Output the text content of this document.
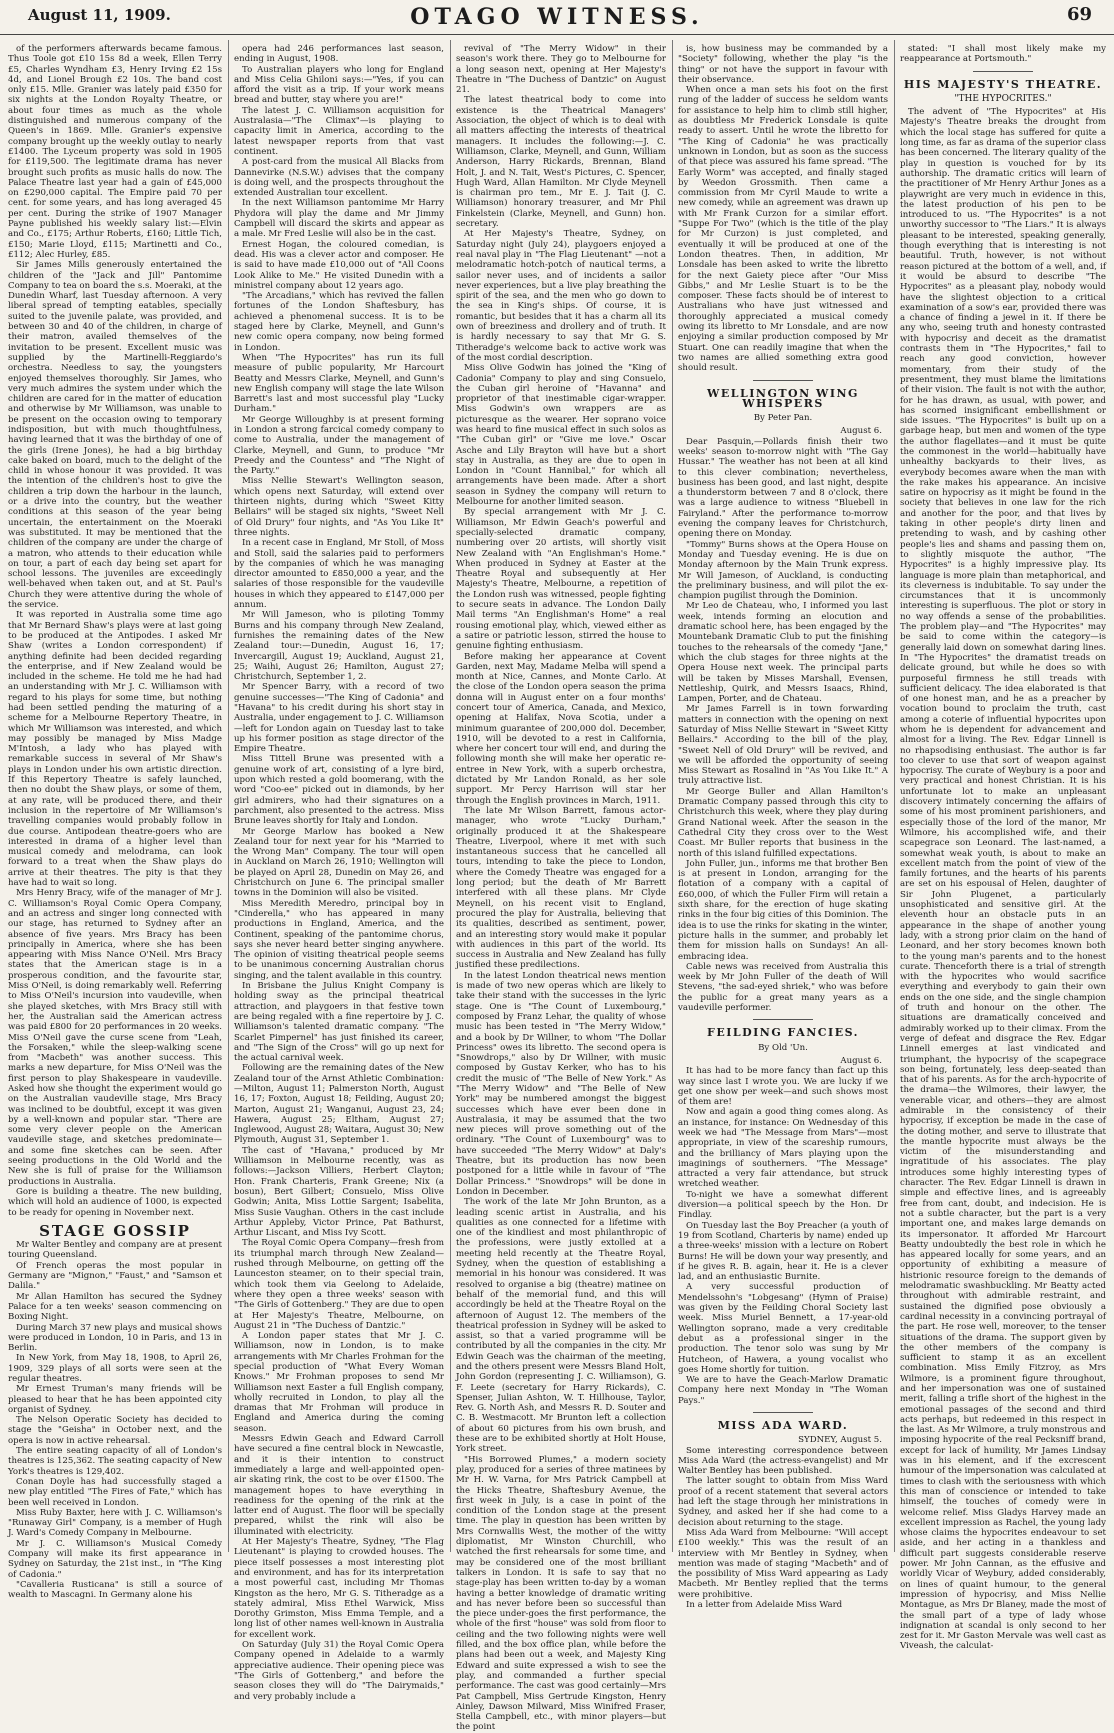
August 11, 1909.	OTAGO WITNESS.	69

of the performers afterwards became famous. Thus Toole got £10 15s 8d a week, Ellen Terry £5, Charles Wyndham £3, Henry Irving £2 15s 4d, and Lionel Brough £2 10s. The band cost only £15. Mlle. Granier was lately paid £350 for six nights at the London Royalty Theatre, or about four times as much as the whole distinguished and numerous company of the Queen's in 1869. Mlle. Granier's expensive company brought up the weekly outlay to nearly £1400. The Lyceum property was sold in 1905 for £119,500. The legitimate drama has never brought such profits as music halls do now. The Palace Theatre last year had a gain of £45,000 on £290,000 capital. The Empire paid 70 per cent. for some years, and has long averaged 45 per cent. During the strike of 1907 Manager Payne published his weekly salary list:—Elvin and Co., £175; Arthur Roberts, £160; Little Tich, £150; Marie Lloyd, £115; Martinetti and Co., £112; Alec Hurley, £85.

Sir James Mills generously entertained the children of the "Jack and Jill" Pantomime Company to tea on board the s.s. Moeraki, at the Dunedin Wharf, last Tuesday afternoon. A very liberal spread of tempting eatables, specially suited to the juvenile palate, was provided, and between 30 and 40 of the children, in charge of their matron, availed themselves of the invitation to be present. Excellent music was supplied by the Martinelli-Reggiardo's orchestra. Needless to say, the youngsters enjoyed themselves thoroughly. Sir James, who very much admires the system under which the children are cared for in the matter of education and otherwise by Mr Williamson, was unable to be present on the occasion owing to temporary indisposition, but with much thoughtfulness, having learned that it was the birthday of one of the girls (Irene Jones), he had a big birthday cake baked on board, much to the delight of the child in whose honour it was provided. It was the intention of the children's host to give the children a trip down the harbour in the launch, or a drive into the country, but the weather conditions at this season of the year being uncertain, the entertainment on the Moeraki was substituted. It may be mentioned that the children of the company are under the charge of a matron, who attends to their education while on tour, a part of each day being set apart for school lessons. The juveniles are exceedingly well-behaved when taken out, and at St. Paul's Church they were attentive during the whole of the service.

It was reported in Australia some time ago that Mr Bernard Shaw's plays were at last going to be produced at the Antipodes. I asked Mr Shaw (writes a London correspondent) if anything definite had been decided regarding the enterprise, and if New Zealand would be included in the scheme. He told me he had had an understanding with Mr J. C. Williamson with regard to his plays for some time, but nothing had been settled pending the maturing of a scheme for a Melbourne Repertory Theatre, in which Mr Williamson was interested, and which may possibly be managed by Miss Madge M'Intosh, a lady who has played with remarkable success in several of Mr Shaw's plays in London under his own artistic direction. If this Repertory Theatre is safely launched, then no doubt the Shaw plays, or some of them, at any rate, will be produced there, and their inclusion in the repertoire of Mr Williamson's travelling companies would probably follow in due course. Antipodean theatre-goers who are interested in drama of a higher level than musical comedy and melodrama, can look forward to a treat when the Shaw plays do arrive at their theatres. The pity is that they have had to wait so long.

Mrs Henry Bracy, wife of the manager of Mr J. C. Williamson's Royal Comic Opera Company, and an actress and singer long connected with our stage, has returned to Sydney after an absence of five years. Mrs Bracy has been principally in America, where she has been appearing with Miss Nance O'Neil. Mrs Bracy states that the American stage is in a prosperous condition, and the favourite star, Miss O'Neil, is doing remarkably well. Referring to Miss O'Neil's incursion into vaudeville, when she played sketches, with Mrs Bracy still with her, the Australian said the American actress was paid £800 for 20 performances in 20 weeks. Miss O'Neil gave the curse scene from "Leah, the Forsaken," while the sleep-walking scene from "Macbeth" was another success. This marks a new departure, for Miss O'Neil was the first person to play Shakespeare in vaudeville. Asked how she thought the experiment would go on the Australian vaudeville stage, Mrs Bracy was inclined to be doubtful, except it was given by a well-known and popular star. "There are some very clever people on the American vaudeville stage, and sketches predominate—and some fine sketches can be seen. After seeing productions in the Old World and the New she is full of praise for the Williamson productions in Australia.

Gore is building a theatre. The new building, which will hold an audience of 1000, is expected to be ready for opening in November next.

STAGE GOSSIP

Mr Walter Bentley and company are at present touring Queensland.

Of French operas the most popular in Germany are "Mignon," "Faust," and "Samson et Dalila."

Mr Allan Hamilton has secured the Sydney Palace for a ten weeks' season commencing on Boxing Night.

During March 37 new plays and musical shows were produced in London, 10 in Paris, and 13 in Berlin.

In New York, from May 18, 1908, to April 26, 1909, 329 plays of all sorts were seen at the regular theatres.

Mr Ernest Truman's many friends will be pleased to hear that he has been appointed city organist of Sydney.

The Nelson Operatic Society has decided to stage the "Geisha" in October next, and the opera is now in active rehearsal.

The entire seating capacity of all of London's theatres is 125,362. The seating capacity of New York's theatres is 129,402.

Conan Doyle has had successfully staged a new play entitled "The Fires of Fate," which has been well received in London.

Miss Ruby Baxter, here with J. C. Williamson's "Runaway Girl" Company, is a member of Hugh J. Ward's Comedy Company in Melbourne.

Mr J. C. Williamson's Musical Comedy Company will make its first appearance in Sydney on Saturday, the 21st inst., in "The King of Cadonia."

"Cavalleria Rusticana" is still a source of wealth to Mascagni. In Germany alone his

opera had 246 performances last season, ending in August, 1908.

To Australian players who long for England and Miss Celia Ghiloni says:—"Yes, if you can afford the visit as a trip. If your work means bread and butter, stay where you are!"

The latest J. C. Williamson acquisition for Australasia—"The Climax"—is playing to capacity limit in America, according to the latest newspaper reports from that vast continent.

A post-card from the musical All Blacks from Dannevirke (N.S.W.) advises that the company is doing well, and the prospects throughout the extended Australian tour excellent.

In the next Williamson pantomime Mr Harry Phydora will play the dame and Mr Jimmy Campbell will discard the skirts and appear as a male. Mr Fred Leslie will also be in the cast.

Ernest Hogan, the coloured comedian, is dead. His was a clever actor and composer. He is said to have made £10,000 out of "All Coons Look Alike to Me." He visited Dunedin with a ministrel company about 12 years ago.

"The Arcadians," which has revived the fallen fortunes of the London Shaftesbury, has achieved a phenomenal success. It is to be staged here by Clarke, Meynell, and Gunn's new comic opera company, now being formed in London.

When "The Hypocrites" has run its full measure of public popularity, Mr Harcourt Beatty and Messrs Clarke, Meynell, and Gunn's new English company will stage the late Wilson Barrett's last and most successful play "Lucky Durham."

Mr George Willoughby is at present forming in London a strong farcical comedy company to come to Australia, under the management of Clarke, Meynell, and Gunn, to produce "Mr Preedy and the Countess" and "The Night of the Party."

Miss Nellie Stewart's Wellington season, which opens next Saturday, will extend over thirteen nights, during which "Sweet Kitty Bellairs" will be staged six nights, "Sweet Nell of Old Drury" four nights, and "As You Like It" three nights.

In a recent case in England, Mr Stoll, of Moss and Stoll, said the salaries paid to performers by the companies of which he was managing director amounted to £850,000 a year, and the salaries of those responsible for the vaudeville houses in which they appeared to £147,000 per annum.

Mr Will Jameson, who is piloting Tommy Burns and his company through New Zealand, furnishes the remaining dates of the New Zealand tour:—Dunedin, August 16, 17; Invercargill, August 19; Auckland, August 21, 25; Waihi, August 26; Hamilton, August 27; Christchurch, September 1, 2.

Mr Spencer Barry, with a record of two genuine successes—"The King of Cadonia" and "Havana" to his credit during his short stay in Australia, under engagement to J. C. Williamson—left for London again on Tuesday last to take up his former position as stage director of the Empire Theatre.

Miss Tittell Brune was presented with a genuine work of art, consisting of a lyre bird, upon which rested a gold boomerang, with the word "Coo-ee" picked out in diamonds, by her girl admirers, who had their signatures on a parchment, also presented to the actress. Miss Brune leaves shortly for Italy and London.

Mr George Marlow has booked a New Zealand tour for next year for his "Married to the Wrong Man" Company. The tour will open in Auckland on March 26, 1910; Wellington will be played on April 28, Dunedin on May 26, and Christchurch on June 6. The principal smaller towns in the Dominion will also be visited.

Miss Meredith Meredro, principal boy in "Cinderella," who has appeared in many productions in England, America, and the Continent, speaking of the pantomime chorus, says she never heard better singing anywhere. The opinion of visiting theatrical people seems to be unanimous concerning Australian chorus singing, and the talent available in this country.

In Brisbane the Julius Knight Company is holding sway as the principal theatrical attraction, and playgoers in that festive town are being regaled with a fine repertoire by J. C. Williamson's talented dramatic company. "The Scarlet Pimpernel" has just finished its career, and "The Sign of the Cross" will go up next for the actual carnival week.

Following are the remaining dates of the New Zealand tour of the Arnst Athletic Combination:—Milton, August 11; Palmerston North, August 16, 17; Foxton, August 18; Feilding, August 20; Marton, August 21; Wanganui, August 23, 24; Hawera, August 25; Eltham, August 27; Inglewood, August 28; Waitara, August 30; New Plymouth, August 31, September 1.

The cast of "Havana," produced by Mr Williamson in Melbourne recently, was as follows:—Jackson Villiers, Herbert Clayton; Hon. Frank Charteris, Frank Greene; Nix (a bosun), Bert Gilbert; Consuelo, Miss Olive Godwin; Anita, Miss Lottie Sargent; Isabelita, Miss Susie Vaughan. Others in the cast include Arthur Appleby, Victor Prince, Pat Bathurst, Arthur Liscant, and Miss Ivy Scott.

The Royal Comic Opera Company—fresh from its triumphal march through New Zealand—rushed through Melbourne, on getting off the Launceston steamer, on to their special train, which took them via Geelong to Adelaide, where they open a three weeks' season with "The Girls of Gottenberg." They are due to open at Her Majesty's Theatre, Melbourne, on August 21 in "The Duchess of Dantzic."

A London paper states that Mr J. C. Williamson, now in London, is to make arrangements with Mr Charles Frohman for the special production of "What Every Woman Knows." Mr Frohman proposes to send Mr Williamson next Easter a full English company, wholly recruited in London, to play all the dramas that Mr Frohman will produce in England and America during the coming season.

Messrs Edwin Geach and Edward Carroll have secured a fine central block in Newcastle, and it is their intention to construct immediately a large and well-appointed open-air skating rink, the cost to be over £1500. The management hopes to have everything in readiness for the opening of the rink at the latter end of August. The floor will be specially prepared, whilst the rink will also be illuminated with electricity.

At Her Majesty's Theatre, Sydney, "The Flag Lieutenant" is playing to crowded houses. The piece itself possesses a most interesting plot and environment, and has for its interpretation a most powerful cast, including Mr Thomas Kingston as the hero, Mr G. S. Titheradge as a stately admiral, Miss Ethel Warwick, Miss Dorothy Grimston, Miss Emma Temple, and a long list of other names well-known in Australia for excellent work.

On Saturday (July 31) the Royal Comic Opera Company opened in Adelaide to a warmly appreciative audience. Their opening piece was "The Girls of Gottenberg," and before the season closes they will do "The Dairymaids," and very probably include a

revival of "The Merry Widow" in their season's work there. They go to Melbourne for a long season next, opening at Her Majesty's Theatre in "The Duchess of Dantzic" on August 21.

The latest theatrical body to come into existence is the Theatrical Managers' Association, the object of which is to deal with all matters affecting the interests of theatrical managers. It includes the following:—J. C. Williamson, Clarke, Meynell, and Gunn, William Anderson, Harry Rickards, Brennan, Bland Holt, J. and N. Tait, West's Pictures, C. Spencer, Hugh Ward, Allan Hamilton. Mr Clyde Meynell is chairman pro tem., Mr E. J. Tait (J. C. Williamson) honorary treasurer, and Mr Phil Finkelstein (Clarke, Meynell, and Gunn) hon. secretary.

At Her Majesty's Theatre, Sydney, on Saturday night (July 24), playgoers enjoyed a real naval play in "The Flag Lieutenant" —not a melodramatic hotch-potch of nautical terms, a sailor never uses, and of incidents a sailor never experiences, but a live play breathing the spirit of the sea, and the men who go down to the sea in King's ships. Of course, it is romantic, but besides that it has a charm all its own of breeziness and drollery and of truth. It is hardly necessary to say that Mr G. S. Titheradge's welcome back to active work was of the most cordial description.

Miss Olive Godwin has joined the "King of Cadonia" Company to play and sing Consuelo, the Cuban girl heroine of "Havanna" and proprietor of that inestimable cigar-wrapper. Miss Godwin's own wrappers are as picturesque as the wearer. Her soprano voice was heard to fine musical effect in such solos as "The Cuban girl" or "Give me love." Oscar Asche and Lily Brayton will have but a short stay in Australia, as they are due to open in London in "Count Hannibal," for which all arrangements have been made. After a short season in Sydney the company will return to Melbourne for another limited season.

By special arrangement with Mr J. C. Williamson, Mr Edwin Geach's powerful and specially-selected dramatic company, numbering over 20 artists, will shortly visit New Zealand with "An Englishman's Home." When produced in Sydney at Easter at the Theatre Royal and subsequently at Her Majesty's Theatre, Melbourne, a repetition of the London rush was witnessed, people fighting to secure seats in advance. The London Daily Mail terms "An Englishman's Home" a real rousing emotional play, which, viewed either as a satire or patriotic lesson, stirred the house to genuine fighting enthusiasm.

Before making her appearance at Covent Garden, next May, Madame Melba will spend a month at Nice, Cannes, and Monte Carlo. At the close of the London opera season the prima donna will in August enter on a four months' concert tour of America, Canada, and Mexico, opening at Halifax, Nova Scotia, under a minimum guarantee of 200,000 dol. December, 1910, will be devoted to a rest in California, where her concert tour will end, and during the following month she will make her operatic re-entree in New York, with a superb orchestra, dictated by Mr Landon Ronald, as her sole support. Mr Percy Harrison will star her through the English provinces in March, 1911.

The late Mr Wilson Barrett, famous actor-manager, who wrote "Lucky Durham," originally produced it at the Shakespeare Theatre, Liverpool, where it met with such instantaneous success that he cancelled all tours, intending to take the piece to London, where the Comedy Theatre was engaged for a long period; but the death of Mr Barrett interfered with all these plans. Mr Clyde Meynell, on his recent visit to England, procured the play for Australia, believing that its qualities, described as sentiment, power, and an interesting story would make it popular with audiences in this part of the world. Its success in Australia and New Zealand has fully justified these predilections.

In the latest London theatrical news mention is made of two new operas which are likely to take their stand with the successes in the lyric stage. One is "The Count of Luxembourg," composed by Franz Lehar, the quality of whose music has been tested in "The Merry Widow," and a book by Dr Willner, to whom "The Dollar Princess" owes its libretto. The second opera is "Snowdrops," also by Dr Willner, with music composed by Gustav Kerker, who has to his credit the music of "The Belle of New York." As "The Merry Widow" and "The Belle of New York" may be numbered amongst the biggest successes which have ever been done in Australasia, it may be assumed that the two new pieces will prove something out of the ordinary. "The Count of Luxembourg" was to have succeeded "The Merry Widow" at Daly's Theatre, but its production has now been postponed for a little while in favour of "The Dollar Princess." "Snowdrops" will be done in London in December.

The work of the late Mr John Brunton, as a leading scenic artist in Australia, and his qualities as one connected for a lifetime with one of the kindliest and most philanthropic of the professions, were justly extolled at a meeting held recently at the Theatre Royal, Sydney, when the question of establishing a memorial in his honour was considered. It was resolved to organise a big (theatre) matinee on behalf of the memorial fund, and this will accordingly be held at the Theatre Royal on the afternoon of August 12. The members of the theatrical profession in Sydney will be asked to assist, so that a varied programme will be contributed by all the companies in the city. Mr Edwin Geach was the chairman of the meeting, and the others present were Messrs Bland Holt, John Gordon (representing J. C. Williamson), G. F. Leete (secretary for Harry Rickards), C. Spenser, Julian Ashton, W. T. Hillhouse, Taylor, Rev. G. North Ash, and Messrs R. D. Souter and C. B. Westmacott. Mr Brunton left a collection of about 60 pictures from his own brush, and these are to be exhibited shortly at Holt House, York street.

"His Borrowed Plumes," a modern society play, produced for a series of three matinees by Mr H. W. Varna, for Mrs Patrick Campbell at the Hicks Theatre, Shaftesbury Avenue, the first week in July, is a case in point of the condition of the London stage at the present time. The play in question has been written by Mrs Cornwallis West, the mother of the witty diplomatist, Mr Winston Churchill, who watched the first rehearsals for some time, and may be considered one of the most brilliant talkers in London. It is safe to say that no stage-play has been written to-day by a woman having a better knowledge of dramatic writing and has never before been so successful than the piece under-goes the first performance, the whole of the first "house" was sold from floor to ceiling and the two following nights were well filled, and the box office plan, while before the plans had been out a week, and Majesty King Edward and suite expressed a wish to see the play, and commanded a further special performance. The cast was good certainly—Mrs Pat Campbell, Miss Gertrude Kingston, Henry Ainley, Dawson Milward, Miss Winifred Fraser, Stella Campbell, etc., with minor players—but the point

is, how business may be commanded by a "Society" following, whether the play "is the thing" or not have the support in favour with their observance.

When once a man sets his foot on the first rung of the ladder of success he seldom wants for assistance to help him to climb still higher, as doubtless Mr Frederick Lonsdale is quite ready to assert. Until he wrote the libretto for "The King of Cadonia" he was practically unknown in London, but as soon as the success of that piece was assured his fame spread. "The Early Worm" was accepted, and finally staged by Weedon Grossmith. Then came a commission from Mr Cyril Maude to write a new comedy, while an agreement was drawn up with Mr Frank Curzon for a similar effort. "Suppe For Two" (which is the title of the play for Mr Curzon) is just completed, and eventually it will be produced at one of the London theatres. Then, in addition, Mr Lonsdale has been asked to write the libretto for the next Gaiety piece after "Our Miss Gibbs," and Mr Leslie Stuart is to be the composer. These facts should be of interest to Australians who have just witnessed and thoroughly appreciated a musical comedy owing its libretto to Mr Lonsdale, and are now enjoying a similar production composed by Mr Stuart. One can readily imagine that when the two names are allied something extra good should result.

WELLINGTON WING WHISPERS
By Peter Pan.
August 6.

Dear Pasquin,—Pollards finish their two weeks' season to-morrow night with "The Gay Hussar." The weather has not been at all kind to this clever combination; nevertheless, business has been good, and last night, despite a thunderstorm between 7 and 8 o'clock, there was a large audience to witness "Bluebell in Fairyland." After the performance to-morrow evening the company leaves for Christchurch, opening there on Monday.

"Tommy" Burns shows at the Opera House on Monday and Tuesday evening. He is due on Monday afternoon by the Main Trunk express. Mr Will Jameson, of Auckland, is conducting the preliminary business, and will pilot the ex-champion pugilist through the Dominion.

Mr Leo de Chateau, who, I informed you last week, intends forming an elocution and dramatic school here, has been engaged by the Mountebank Dramatic Club to put the finishing touches to the rehearsals of the comedy "Jane," which the club stages for three nights at the Opera House next week. The principal parts will be taken by Misses Marshall, Evensen, Nettleship, Quirk, and Messrs Isaacs, Rhind, Lampen, Porter, and de Chateau.

Mr James Farrell is in town forwarding matters in connection with the opening on next Saturday of Miss Nellie Stewart in "Sweet Kitty Bellairs." According to the bill of the play, "Sweet Nell of Old Drury" will be revived, and we will be afforded the opportunity of seeing Miss Stewart as Rosalind in "As You Like It." A truly attractive list.

Mr George Buller and Allan Hamilton's Dramatic Company passed through this city to Christchurch this week, where they play during Grand National week. After the season in the Cathedral City they cross over to the West Coast. Mr Buller reports that business in the north of this island fulfilled expectations.

John Fuller, jun., informs me that brother Ben is at present in London, arranging for the flotation of a company with a capital of £60,000, of which the Fuller Firm will retain a sixth share, for the erection of huge skating rinks in the four big cities of this Dominion. The idea is to use the rinks for skating in the winter, picture halls in the summer, and probably let them for mission halls on Sundays! An all-embracing idea.

Cable news was received from Australia this week by Mr John Fuller of the death of Will Stevens, "the sad-eyed shriek," who was before the public for a great many years as a vaudeville performer.

FEILDING FANCIES.
By Old 'Un.
August 6.

It has had to be more fancy than fact up this way since last I wrote you. We are lucky if we get one show per week—and such shows most of them are!

Now and again a good thing comes along. As an instance, for instance: On Wednesday of this week we had "The Message from Mars"—most appropriate, in view of the scareship rumours, and the brilliancy of Mars playing upon the imaginings of southerners. "The Message" attracted a very fair attendance, but struck wretched weather.

To-night we have a somewhat different diversion—a political speech by the Hon. Dr Findlay.

On Tuesday last the Boy Preacher (a youth of 19 from Scotland, Charteris by name) ended up a three-weeks' mission with a lecture on Robert Burns! He will be down your way presently, and if he gives R. B. again, hear it. He is a clever lad, and an enthusiastic Burnite.

A very successful production of Mendelssohn's "Lobgesang" (Hymn of Praise) was given by the Feilding Choral Society last week. Miss Muriel Bennett, a 17-year-old Wellington soprano, made a very creditable debut as a professional singer in the production. The tenor solo was sung by Mr Hutcheon, of Hawera, a young vocalist who goes Home shortly for tuition.

We are to have the Geach-Marlow Dramatic Company here next Monday in "The Woman Pays."

MISS ADA WARD.
SYDNEY, August 5.

Some interesting correspondence between Miss Ada Ward (the actress-evangelist) and Mr Walter Bentley has been published.

The latter sought to obtain from Miss Ward proof of a recent statement that several actors had left the stage through her ministrations in Sydney, and asked her if she had come to a decision about returning to the stage.

Miss Ada Ward from Melbourne: "Will accept £100 weekly." This was the result of an interview with Mr Bentley in Sydney, when mention was made of staging "Macbeth" and of the possibility of Miss Ward appearing as Lady Macbeth. Mr Bentley replied that the terms were prohibitive.

In a letter from Adelaide Miss Ward

stated: "I shall most likely make my reappearance at Portsmouth."

HIS MAJESTY'S THEATRE.
"THE HYPOCRITES."

The advent of "The Hypocrites" at His Majesty's Theatre breaks the drought from which the local stage has suffered for quite a long time, as far as drama of the superior class has been concerned. The literary quality of the play in question is vouched for by its authorship. The dramatic critics will learn of the practitioner of Mr Henry Arthur Jones as a playwright are very much in evidence in this, the latest production of his pen to be introduced to us. "The Hypocrites" is a not unworthy successor to "The Liars." It is always pleasant to be interested, speaking generally, though everything that is interesting is not beautiful. Truth, however, is not without reason pictured at the bottom of a well, and, if it would be absurd to describe "The Hypocrites" as a pleasant play, nobody would have the slightest objection to a critical examination of a sow's ear, provided there was a chance of finding a jewel in it. If there be any who, seeing truth and honesty contrasted with hypocrisy and deceit as the dramatist contrasts them in "The Hypocrites," fail to reach any good conviction, however momentary, from their study of the presentment, they must blame the limitations of their vision. The fault is not with the author, for he has drawn, as usual, with power, and has scorned insignificant embellishment or side issues. "The Hypocrites" is built up on a garbage heap, but men and women of the type the author flagellates—and it must be quite the commonest in the world—habitually have unhealthy backyards to their lives, as everybody becomes aware when the man with the rake makes his appearance. An incisive satire on hypocrisy as it might be found in the society that believes in one law for the rich and another for the poor, and that lives by taking in other people's dirty linen and pretending to wash, and by cashing other people's lies and shams and passing them on, to slightly misquote the author, "The Hypocrites" is a highly impressive play. Its language is more plain than metaphorical, and its cleverness is indubitable. To say under the circumstances that it is uncommonly interesting is superfluous. The plot or story in no way offends a sense of the probabilities. The problem play—and "The Hypocrites" may be said to come within the category—is generally laid down on somewhat daring lines. In "The Hypocrites" the dramatist treads on delicate ground, but while he does so with purposeful firmness he still treads with sufficient delicacy. The idea elaborated is that of one honest man, and he as a preacher by vocation bound to proclaim the truth, cast among a coterie of influential hypocrites upon whom he is dependent for advancement and almost for a living. The Rev. Edgar Linnell is no rhapsodising enthusiast. The author is far too clever to use that sort of weapon against hypocrisy. The curate of Weybury is a poor and very practical and honest Christian. It is his unfortunate lot to make an unpleasant discovery intimately concerning the affairs of some of his most prominent parishioners, and especially those of the lord of the manor, Mr Wilmore, his accomplished wife, and their scapegrace son Leonard. The last-named, a somewhat weak youth, is about to make an excellent match from the point of view of the family fortunes, and the hearts of his parents are set on his espousal of Helen, daughter of Sir John Plugenet, a particularly unsophisticated and sensitive girl. At the eleventh hour an obstacle puts in an appearance in the shape of another young lady, with a strong prior claim on the hand of Leonard, and her story becomes known both to the young man's parents and to the honest curate. Thenceforth there is a trial of strength with the hypocrites who would sacrifice everything and everybody to gain their own ends on the one side, and the single champion of truth and honour on the other. The situations are dramatically conceived and admirably worked up to their climax. From the verge of defeat and disgrace the Rev. Edgar Linnell emerges at last vindicated and triumphant, the hypocrisy of the scapegrace son being, fortunately, less deep-seated than that of his parents. As for the arch-hypocrite of the drama—the Wilmores, their lawyer, the venerable vicar, and others—they are almost admirable in the consistency of their hypocrisy, if exception be made in the case of the doting mother, and serve to illustrate that the mantle hypocrite must always be the victim of the misunderstanding and ingratitude of his associates. The play introduces some highly interesting types of character. The Rev. Edgar Linnell is drawn in simple and effective lines, and is agreeably free from cant, doubt, and indecision. He is not a subtle character, but the part is a very important one, and makes large demands on its impersonator. It afforded Mr Harcourt Beatty undoubtedly the best role in which he has appeared locally for some years, and an opportunity of exhibiting a measure of histrionic resource foreign to the demands of melodramatic swashbuckling. Mr Beatty acted throughout with admirable restraint, and sustained the dignified pose obviously a cardinal necessity in a convincing portrayal of the part. He rose well, moreover, to the tenser situations of the drama. The support given by the other members of the company is sufficient to stamp it as an excellent combination. Miss Emily Fitzroy, as Mrs Wilmore, is a prominent figure throughout, and her impersonation was one of sustained merit, falling a trifle short of the highest in the emotional passages of the second and third acts perhaps, but redeemed in this respect in the last. As Mr Wilmore, a truly monstrous and imposing hypocrite of the real Pecksniff brand, except for lack of humility, Mr James Lindsay was in his element, and if the excrescent humour of the impersonation was calculated at times to clash with the seriousness with which this man of conscience or intended to take himself, the touches of comedy were in welcome relief. Miss Gladys Harvey made an excellent impression as Rachel, the young lady whose claims the hypocrites endeavour to set aside, and her acting in a thankless and difficult part suggests considerable reserve power. Mr John Cannan, as the effusive and worldly Vicar of Weybury, added considerably, on lines of quaint humour, to the general impression of hypocrisy, and Miss Nellie Montague, as Mrs Dr Blaney, made the most of the small part of a type of lady whose indignation at scandal is only second to her zest for it. Mr Gaston Mervale was well cast as Viveash, the calculat-
